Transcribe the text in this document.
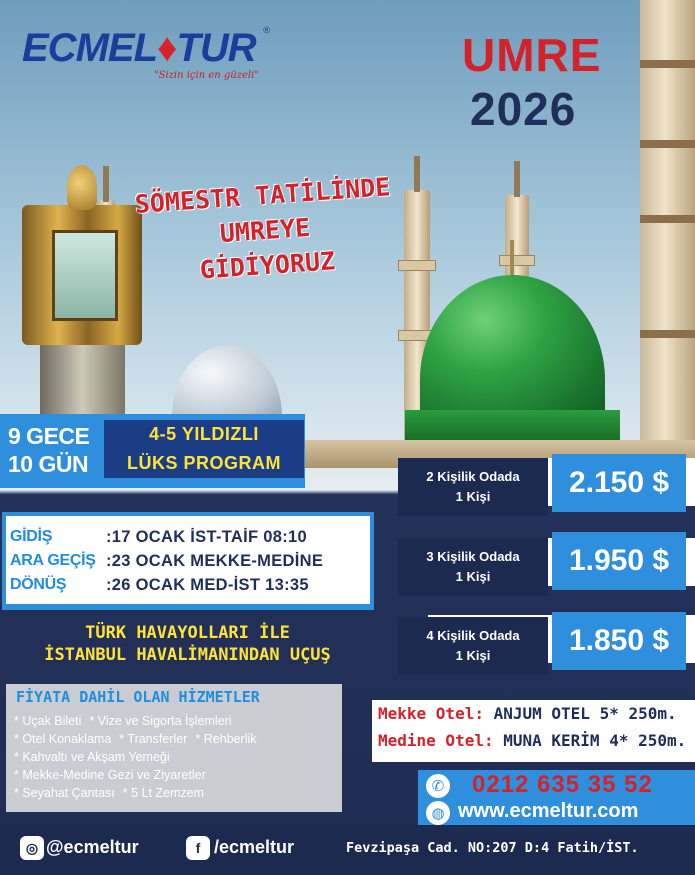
ECMEL♦TUR ®
"Sizin için en güzeli"	UMRE
2026
SÖMESTR TATİLİNDE
UMREYE
GİDİYORUZ
9 GECE
10 GÜN
4-5 YILDIZLI
LÜKS PROGRAM
GİDİŞ	:17 OCAK İST-TAİF 08:10
ARA GEÇİŞ :23 OCAK MEKKE-MEDİNE
DÖNÜŞ	:26 OCAK MED-İST 13:35
TÜRK HAVAYOLLARI İLE
İSTANBUL HAVALİMANINDAN UÇUŞ
FİYATA DAHİL OLAN HİZMETLER
* Uçak Bileti * Vize ve Sigorta İşlemleri
* Otel Konaklama * Transferler * Rehberlik
* Kahvaltı ve Akşam Yemeği
* Mekke-Medine Gezi ve Ziyaretler
* Seyahat Çantası * 5 Lt Zemzem
2 Kişilik Odada
1 Kişi	2.150 $
3 Kişilik Odada
1 Kişi	1.950 $
4 Kişilik Odada
1 Kişi	1.850 $
Mekke Otel: ANJUM OTEL 5* 250m.
Medine Otel: MUNA KERİM 4* 250m.
✆ 0212 635 35 52
◍ www.ecmeltur.com
◎ @ecmeltur	f /ecmeltur	Fevzipaşa Cad. NO:207 D:4 Fatih/İST.
